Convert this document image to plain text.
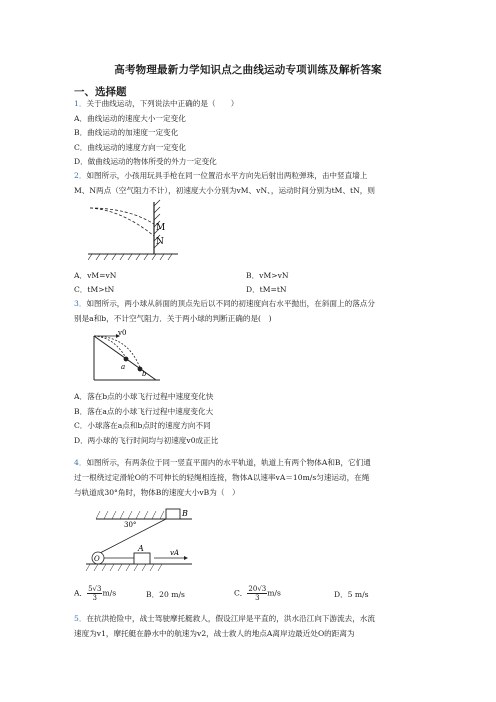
高考物理最新力学知识点之曲线运动专项训练及解析答案
一、选择题
1．关于曲线运动，下列说法中正确的是（　　）
A．曲线运动的速度大小一定变化
B．曲线运动的加速度一定变化
C．曲线运动的速度方向一定变化
D．做曲线运动的物体所受的外力一定变化
2．如图所示，小孩用玩具手枪在同一位置沿水平方向先后射出两粒弹珠，击中竖直墙上
M、N两点（空气阻力不计），初速度大小分别为vM、vN、，运动时间分别为tM、tN，则
M
N
A．vM=vN	B．vM>vN
C．tM>tN	D．tM=tN
3．如图所示，两小球从斜面的顶点先后以不同的初速度向右水平抛出，在斜面上的落点分
别是a和b，不计空气阻力．关于两小球的判断正确的是(　)
v0
a
b
A．落在b点的小球飞行过程中速度变化快
B．落在a点的小球飞行过程中速度变化大
C．小球落在a点和b点时的速度方向不同
D．两小球的飞行时间均与初速度v0成正比
4．如图所示，有两条位于同一竖直平面内的水平轨道，轨道上有两个物体A和B，它们通
过一根绕过定滑轮O的不可伸长的轻绳相连接，物体A以速率vA＝10m/s匀速运动，在绳
与轨道成30°角时，物体B的速度大小vB为（　）
B
30°
O
A	vA
A． $\frac{5√3}{3} m/s$	B．20 m/s	C． $\frac{20√3}{3} m/s$	D．5 m/s
5．在抗洪抢险中，战士驾驶摩托艇救人，假设江岸是平直的，洪水沿江向下游流去，水流
速度为v1，摩托艇在静水中的航速为v2，战士救人的地点A离岸边最近处O的距离为
